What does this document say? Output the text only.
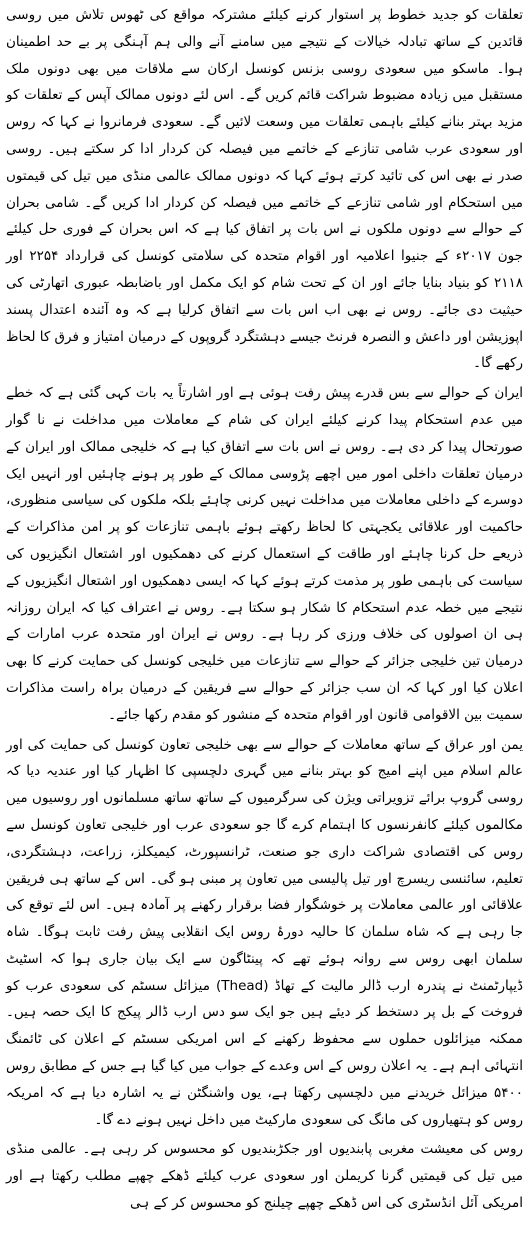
تعلقات کو جدید خطوط پر استوار کرنے کیلئے مشترکہ مواقع کی ٹھوس تلاش میں روسی قائدین کے ساتھ تبادلہ خیالات کے نتیجے میں سامنے آنے والی ہم آہنگی پر بے حد اطمینان ہوا۔ ماسکو میں سعودی روسی بزنس کونسل ارکان سے ملاقات میں بھی دونوں ملک مستقبل میں زیادہ مضبوط شراکت قائم کریں گے۔ اس لئے دونوں ممالک آپس کے تعلقات کو مزید بہتر بنانے کیلئے باہمی تعلقات میں وسعت لائیں گے۔ سعودی فرمانروا نے کہا کہ روس اور سعودی عرب شامی تنازعے کے خاتمے میں فیصلہ کن کردار ادا کر سکتے ہیں۔ روسی صدر نے بھی اس کی تائید کرتے ہوئے کہا کہ دونوں ممالک عالمی منڈی میں تیل کی قیمتوں میں استحکام اور شامی تنازعے کے خاتمے میں فیصلہ کن کردار ادا کریں گے۔ شامی بحران کے حوالے سے دونوں ملکوں نے اس بات پر اتفاق کیا ہے کہ اس بحران کے فوری حل کیلئے جون ۲۰۱۷ء کے جنیوا اعلامیہ اور اقوام متحدہ کی سلامتی کونسل کی قرارداد ۲۲۵۴ اور ۲۱۱۸ کو بنیاد بنایا جائے اور ان کے تحت شام کو ایک مکمل اور باضابطہ عبوری اتھارٹی کی حیثیت دی جائے۔ روس نے بھی اب اس بات سے اتفاق کرلیا ہے کہ وہ آئندہ اعتدال پسند اپوزیشن اور داعش و النصرہ فرنٹ جیسے دہشتگرد گروپوں کے درمیان امتیاز و فرق کا لحاظ رکھے گا۔

ایران کے حوالے سے بس قدرے پیش رفت ہوئی ہے اور اشارتاً یہ بات کہی گئی ہے کہ خطے میں عدم استحکام پیدا کرنے کیلئے ایران کی شام کے معاملات میں مداخلت نے نا گوار صورتحال پیدا کر دی ہے۔ روس نے اس بات سے اتفاق کیا ہے کہ خلیجی ممالک اور ایران کے درمیان تعلقات داخلی امور میں اچھے پڑوسی ممالک کے طور پر ہونے چاہئیں اور انہیں ایک دوسرے کے داخلی معاملات میں مداخلت نہیں کرنی چاہئے بلکہ ملکوں کی سیاسی منظوری، حاکمیت اور علاقائی یکجہتی کا لحاظ رکھتے ہوئے باہمی تنازعات کو پر امن مذاکرات کے ذریعے حل کرنا چاہئے اور طاقت کے استعمال کرنے کی دھمکیوں اور اشتعال انگیزیوں کی سیاست کی باہمی طور پر مذمت کرتے ہوئے کہا کہ ایسی دھمکیوں اور اشتعال انگیزیوں کے نتیجے میں خطہ عدم استحکام کا شکار ہو سکتا ہے۔ روس نے اعتراف کیا کہ ایران روزانہ ہی ان اصولوں کی خلاف ورزی کر رہا ہے۔ روس نے ایران اور متحدہ عرب امارات کے درمیان تین خلیجی جزائر کے حوالے سے تنازعات میں خلیجی کونسل کی حمایت کرنے کا بھی اعلان کیا اور کہا کہ ان سب جزائر کے حوالے سے فریقین کے درمیان براہ راست مذاکرات سمیت بین الاقوامی قانون اور اقوام متحدہ کے منشور کو مقدم رکھا جائے۔

یمن اور عراق کے ساتھ معاملات کے حوالے سے بھی خلیجی تعاون کونسل کی حمایت کی اور عالم اسلام میں اپنے امیج کو بہتر بنانے میں گہری دلچسپی کا اظہار کیا اور عندیہ دیا کہ روسی گروپ برائے تزویراتی ویژن کی سرگرمیوں کے ساتھ ساتھ مسلمانوں اور روسیوں میں مکالموں کیلئے کانفرنسوں کا اہتمام کرے گا جو سعودی عرب اور خلیجی تعاون کونسل سے روس کی اقتصادی شراکت داری جو صنعت، ٹرانسپورٹ، کیمیکلز، زراعت، دہشتگردی، تعلیم، سائنسی ریسرچ اور تیل پالیسی میں تعاون پر مبنی ہو گی۔ اس کے ساتھ ہی فریقین علاقائی اور عالمی معاملات پر خوشگوار فضا برقرار رکھنے پر آمادہ ہیں۔ اس لئے توقع کی جا رہی ہے کہ شاہ سلمان کا حالیہ دورۂ روس ایک انقلابی پیش رفت ثابت ہوگا۔ شاہ سلمان ابھی روس سے روانہ ہوئے تھے کہ پینٹاگون سے ایک بیان جاری ہوا کہ اسٹیٹ ڈیپارٹمنٹ نے پندرہ ارب ڈالر مالیت کے تھاڈ (Thead) میزائل سسٹم کی سعودی عرب کو فروخت کے بل پر دستخط کر دیئے ہیں جو ایک سو دس ارب ڈالر پیکج کا ایک حصہ ہیں۔ ممکنہ میزائلوں حملوں سے محفوظ رکھنے کے اس امریکی سسٹم کے اعلان کی ٹائمنگ انتہائی اہم ہے۔ یہ اعلان روس کے اس وعدے کے جواب میں کیا گیا ہے جس کے مطابق روس ۵۴۰۰ میزائل خریدنے میں دلچسپی رکھتا ہے، یوں واشنگٹن نے یہ اشارہ دیا ہے کہ امریکہ روس کو ہتھیاروں کی مانگ کی سعودی مارکیٹ میں داخل نہیں ہونے دے گا۔

روس کی معیشت مغربی پابندیوں اور جکڑبندیوں کو محسوس کر رہی ہے۔ عالمی منڈی میں تیل کی قیمتیں گرنا کریملن اور سعودی عرب کیلئے ڈھکے چھپے مطلب رکھتا ہے اور امریکی آئل انڈسٹری کی اس ڈھکے چھپے چیلنج کو محسوس کر کے ہی
